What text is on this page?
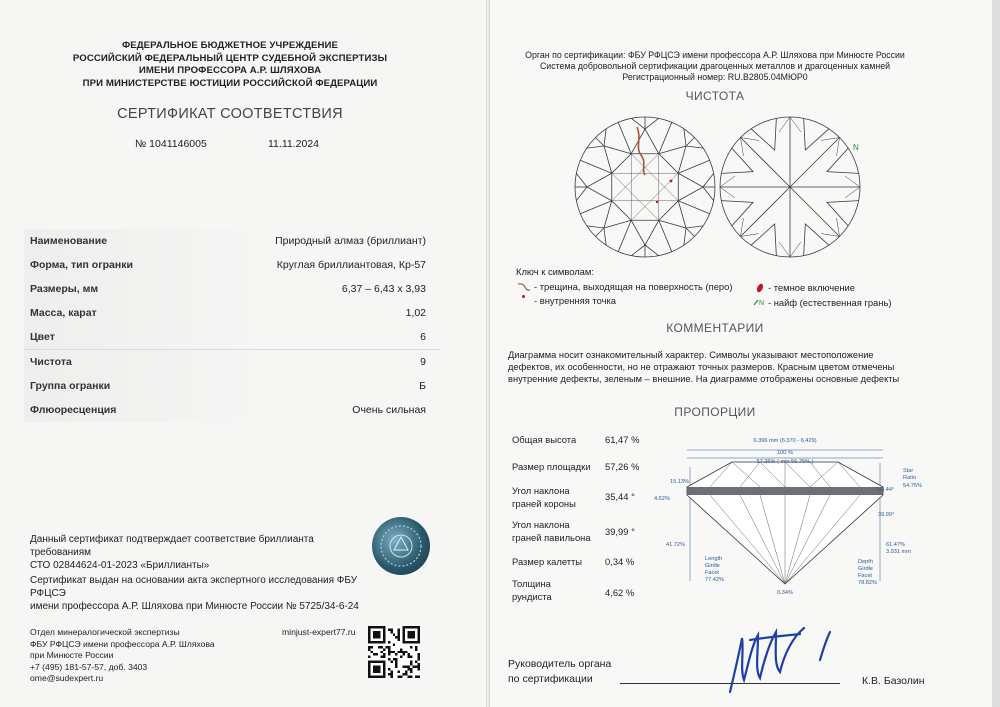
ФЕДЕРАЛЬНОЕ БЮДЖЕТНОЕ УЧРЕЖДЕНИЕ
РОССИЙСКИЙ ФЕДЕРАЛЬНЫЙ ЦЕНТР СУДЕБНОЙ ЭКСПЕРТИЗЫ
ИМЕНИ ПРОФЕССОРА А.Р. ШЛЯХОВА
ПРИ МИНИСТЕРСТВЕ ЮСТИЦИИ РОССИЙСКОЙ ФЕДЕРАЦИИ
СЕРТИФИКАТ СООТВЕТСТВИЯ
№ 1041146005	11.11.2024
Наименование	Природный алмаз (бриллиант)
Форма, тип огранки	Круглая бриллиантовая, Кр-57
Размеры, мм	6,37 – 6,43 x 3,93
Масса, карат	1,02
Цвет	6
Чистота	9
Группа огранки	Б
Флюоресценция	Очень сильная
Данный сертификат подтверждает соответствие бриллианта требованиям
СТО 02844624-01-2023 «Бриллианты»
Сертификат выдан на основании акта экспертного исследования ФБУ РФЦСЭ
имени профессора А.Р. Шляхова при Минюсте России № 5725/34-6-24
Отдел минералогической экспертизы
ФБУ РФЦСЭ имени профессора А.Р. Шляхова
при Минюсте России
+7 (495) 181-57-57, доб. 3403
ome@sudexpert.ru
minjust-expert77.ru
Орган по сертификации: ФБУ РФЦСЭ имени профессора А.Р. Шляхова при Минюсте России
Система добровольной сертификации драгоценных металлов и драгоценных камней
Регистрационный номер: RU.B2805.04МЮР0
ЧИСТОТА
N
Ключ к символам:
- трещина, выходящая на поверхность (перо)
- внутренняя точка
- темное включение
N - найф (естественная грань)
КОММЕНТАРИИ
Диаграмма носит ознакомительный характер. Символы указывают местоположение
дефектов, их особенности, но не отражают точных размеров. Красным цветом отмечены
внутренние дефекты, зеленым – внешние. На диаграмме отображены основные дефекты
ПРОПОРЦИИ
Общая высота	61,47 %
Размер площадки 57,26 %
Угол наклона граней короны
35,44 °
Угол наклона граней павильона	39,99 °
Размер калетты 0,34 %
Толщина рундиста	4,62 %
6.396 mm (6.370 - 6.429)
100 %
57.26% ( min 56.75% )
Star
Ratio
54.75%
15.13%
4.62%
35.44°
39.99°
41.72%	61.47%
3.931 mm
Length
Girdle
Facet
77.42%
Depth
Girdle
Facet
78.82%
0.34%
Руководитель органа
по сертификации	К.В. Базолин
